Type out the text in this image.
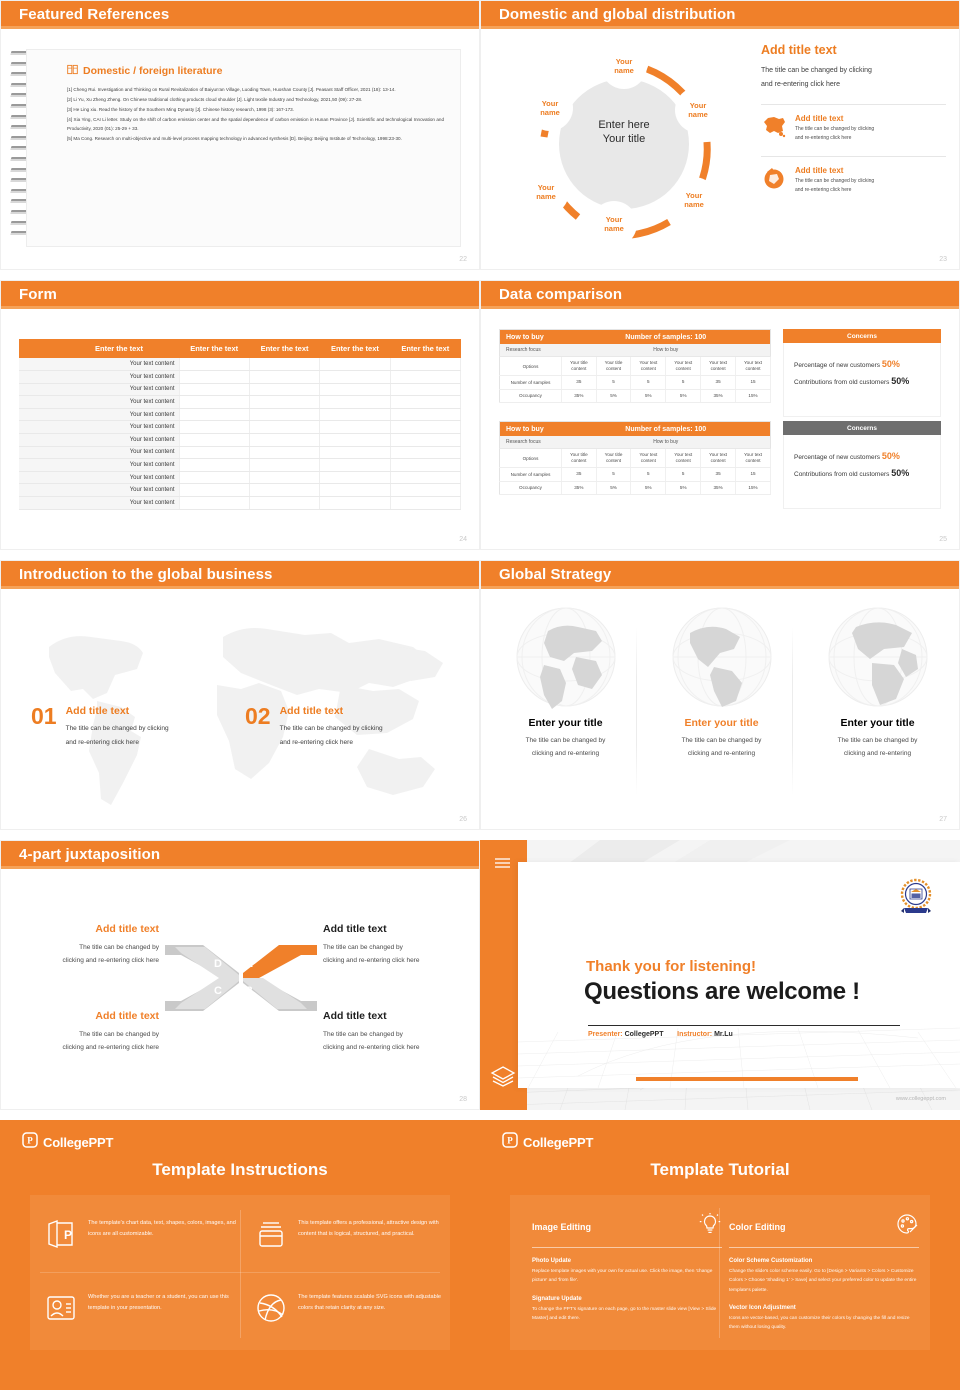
Featured References
Domestic / foreign literature
[1] Cheng Rui. Investigation and Thinking on Rural Revitalization of Baiyun'an Village, Luoding Town, Huoshan County [J]. Peasant Staff Officer, 2021 (18): 13-14.
[2] Li Yu, Xu Zheng Zheng. On Chinese traditional clothing products cloud shoulder [J]. Light textile Industry and Technology, 2021,50 (09): 27-28.
[3] He Ling xiu. Read the history of the Southern Ming Dynasty [J]. Chinese history research, 1998 (3): 167-173.
[4] Xia Ying, CAI Li letter. Study on the shift of carbon emission center and the spatial dependence of carbon emission in Hunan Province [J]. Scientific and technological Innovation and Productivity, 2020 (01): 25-29 + 33.
[5] Ma Cong. Research on multi-objective and multi-level process mapping technology in advanced synthesis [D]. Beijing: Beijing Institute of Technology, 1998:23-30.
22
Domestic and global distribution
Enter here
Your title
Your
name
Your
name
Your
name
Your
name
Your
name
Your
name
Add title text
The title can be changed by clicking
and re-entering click here
Add title text
The title can be changed by clicking
and re-entering click here
Add title text
The title can be changed by clicking
and re-entering click here
23
Form
	Enter the text	Enter the text	Enter the text	Enter the text	Enter the text
Your text content					
Your text content					
Your text content					
Your text content					
Your text content					
Your text content					
Your text content					
Your text content					
Your text content					
Your text content					
Your text content					
Your text content					
24
Data comparison
How to buy	Number of samples: 100					
Research focus	How to buy					
Options	Your title content	Your title content	Your text content	Your text content	Your text content	Your text content
Number of samples	35	5	5	5	35	15
Occupancy	35%	5%	5%	5%	35%	15%
How to buy	Number of samples: 100					
Research focus	How to buy					
Options	Your title content	Your title content	Your text content	Your text content	Your text content	Your text content
Number of samples	35	5	5	5	35	15
Occupancy	35%	5%	5%	5%	35%	15%
Concerns
Percentage of new customers 50%
Contributions from old customers 50%
Concerns
Percentage of new customers 50%
Contributions from old customers 50%
25
Introduction to the global business
01 Add title text
The title can be changed by clicking
and re-entering click here
02 Add title text
The title can be changed by clicking
and re-entering click here
26
Global Strategy
Enter your title
The title can be changed by
clicking and re-entering
Enter your title
The title can be changed by
clicking and re-entering
Enter your title
The title can be changed by
clicking and re-entering
27
4-part juxtaposition
Add title text
The title can be changed by
clicking and re-entering click here
Add title text
The title can be changed by
clicking and re-entering click here
Add title text
The title can be changed by
clicking and re-entering click here
Add title text
The title can be changed by
clicking and re-entering click here
D A
C B
28
Thank you for listening!
Questions are welcome !
Presenter: CollegePPT Instructor: Mr.Lu
www.collegeppt.com
P CollegePPT
Template Instructions
P
The template's chart data, text, shapes, colors, images, and icons are all customizable.
This template offers a professional, attractive design with content that is logical, structured, and practical.
Whether you are a teacher or a student, you can use this template in your presentation.
The template features scalable SVG icons with adjustable colors that retain clarity at any size.
P CollegePPT
Template Tutorial
Image Editing
Photo Update
Replace template images with your own for actual use. Click the image, then 'change picture' and 'from file'.
Signature Update
To change the PPT's signature on each page, go to the master slide view [View > Slide Master] and edit there.
Color Editing
Color Scheme Customization
Change the slide's color scheme easily. Go to [Design > Variants > Colors > Customize Colors > Choose 'Shading 1' > Save] and select your preferred color to update the entire template's palette.
Vector Icon Adjustment
Icons are vector-based, you can customize their colors by changing the fill and resize them without losing quality.
